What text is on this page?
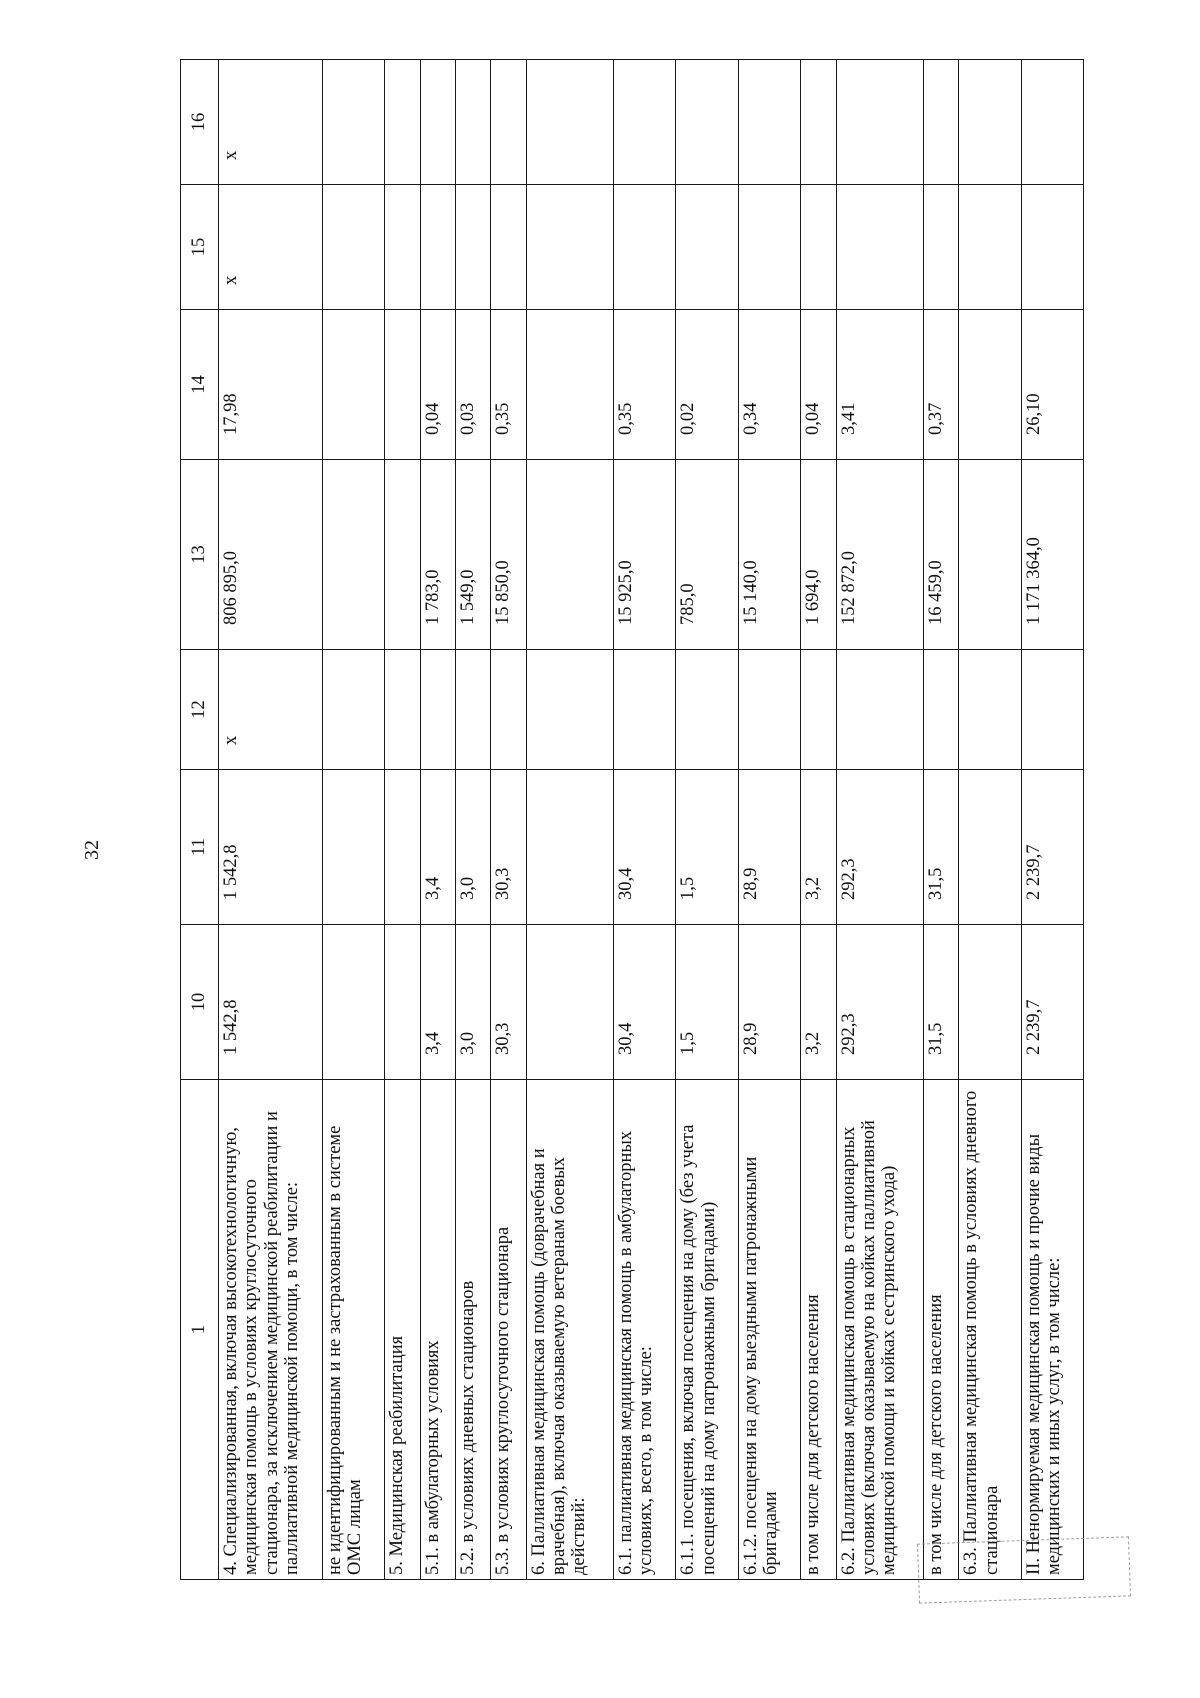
32
1	10	11	12	13	14	15	16
4. Специализированная, включая высокотехнологичную, медицинская помощь в условиях круглосуточного стационара, за исключением медицинской реабилитации и паллиативной медицинской помощи, в том числе:	1 542,8	1 542,8	х	806 895,0	17,98	х	х
не идентифицированным и не застрахованным в системе ОМС лицам							
5. Медицинская реабилитация							
5.1. в амбулаторных условиях	3,4	3,4		1 783,0	0,04		
5.2. в условиях дневных стационаров	3,0	3,0		1 549,0	0,03		
5.3. в условиях круглосуточного стационара	30,3	30,3		15 850,0	0,35		
6. Паллиативная медицинская помощь (доврачебная и врачебная), включая оказываемую ветеранам боевых действий:							
6.1. паллиативная медицинская помощь в амбулаторных условиях, всего, в том числе:	30,4	30,4		15 925,0	0,35		
6.1.1. посещения, включая посещения на дому (без учета посещений на дому патронажными бригадами)	1,5	1,5		785,0	0,02		
6.1.2. посещения на дому выездными патронажными бригадами	28,9	28,9		15 140,0	0,34		
в том числе для детского населения	3,2	3,2		1 694,0	0,04		
6.2. Паллиативная медицинская помощь в стационарных условиях (включая оказываемую на койках паллиативной медицинской помощи и койках сестринского ухода)	292,3	292,3		152 872,0	3,41		
в том числе для детского населения	31,5	31,5		16 459,0	0,37		
6.3. Паллиативная медицинская помощь в условиях дневного стационара							
II. Ненормируемая медицинская помощь и прочие виды медицинских и иных услуг, в том числе:	2 239,7	2 239,7		1 171 364,0	26,10		
